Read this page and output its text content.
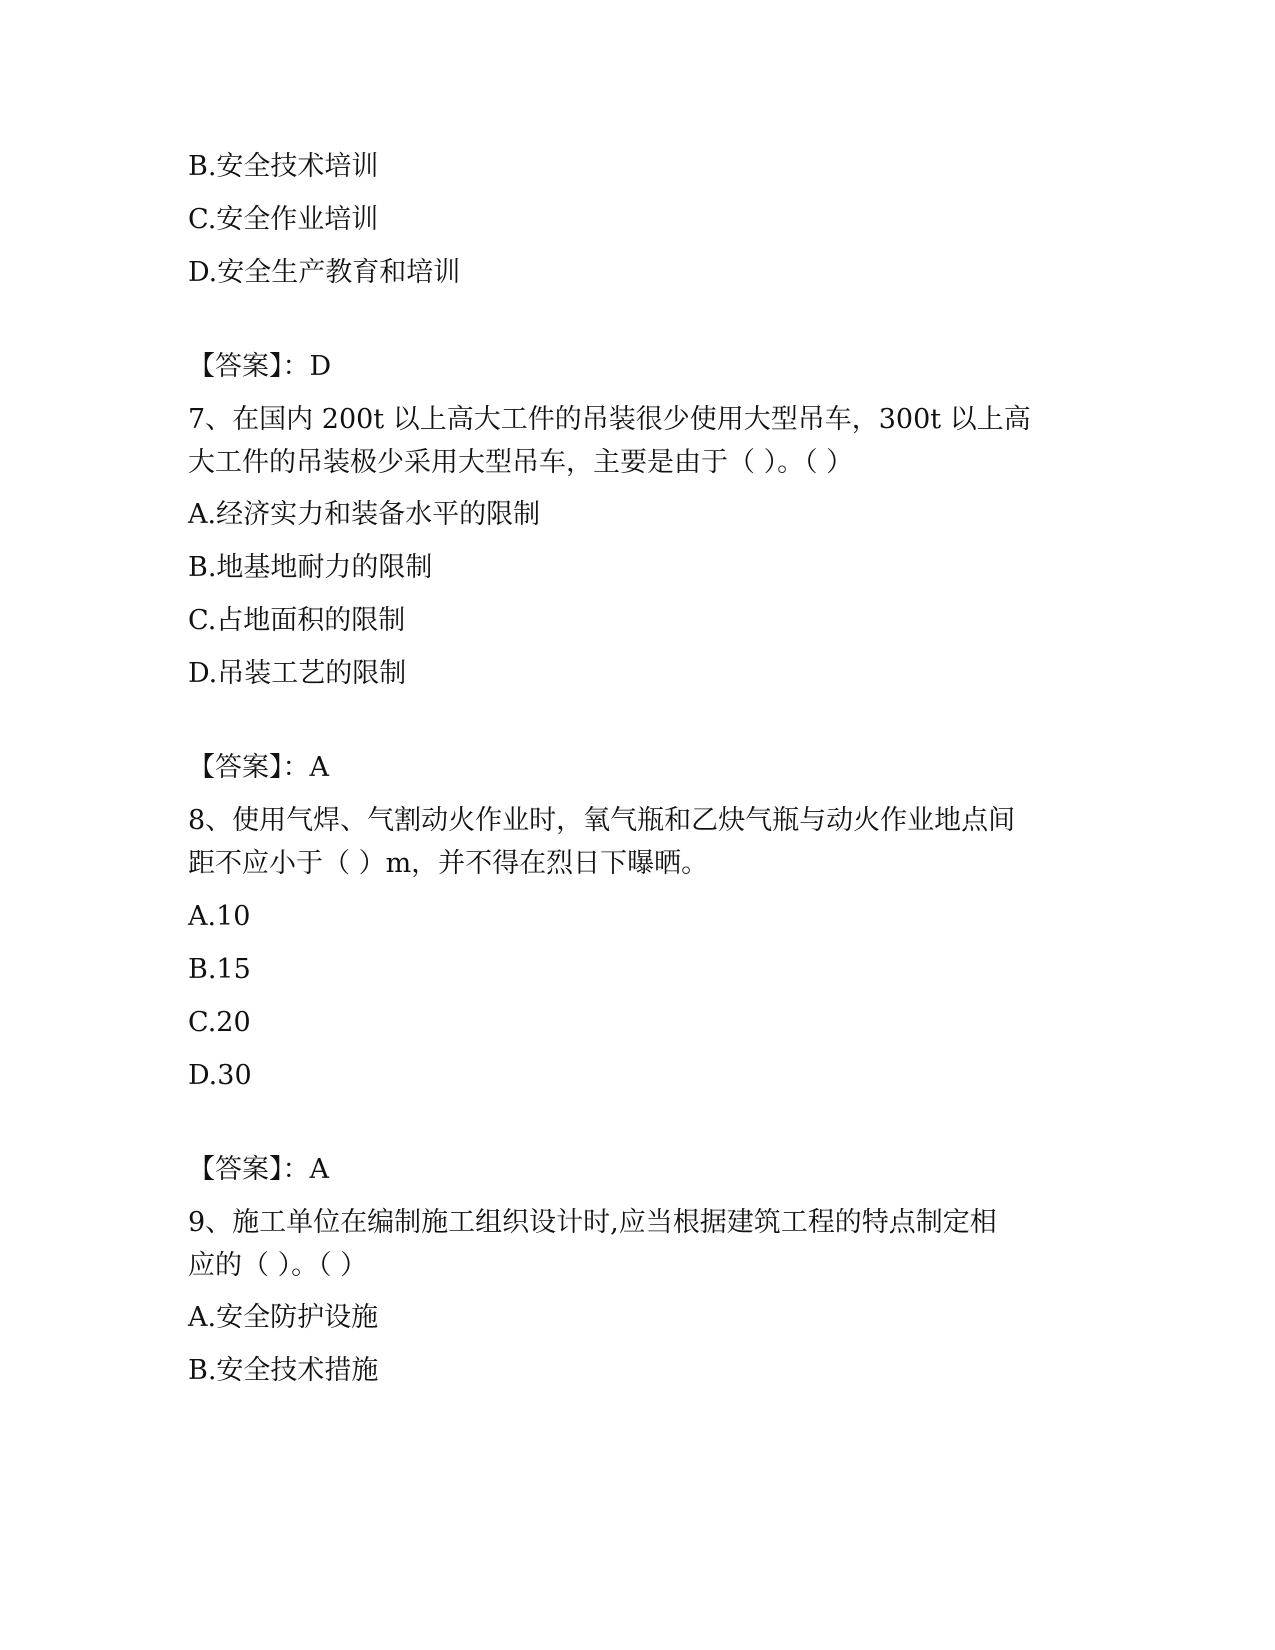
B.安全技术培训
C.安全作业培训
D.安全生产教育和培训
【答案】：D
7、在国内 200t 以上高大工件的吊装很少使用大型吊车，300t 以上高
大工件的吊装极少采用大型吊车，主要是由于（ ）。（ ）
A.经济实力和装备水平的限制
B.地基地耐力的限制
C.占地面积的限制
D.吊装工艺的限制
【答案】：A
8、使用气焊、气割动火作业时，氧气瓶和乙炔气瓶与动火作业地点间
距不应小于（ ）m，并不得在烈日下曝晒。
A.10
B.15
C.20
D.30
【答案】：A
9、施工单位在编制施工组织设计时,应当根据建筑工程的特点制定相
应的（ ）。（ ）
A.安全防护设施
B.安全技术措施
